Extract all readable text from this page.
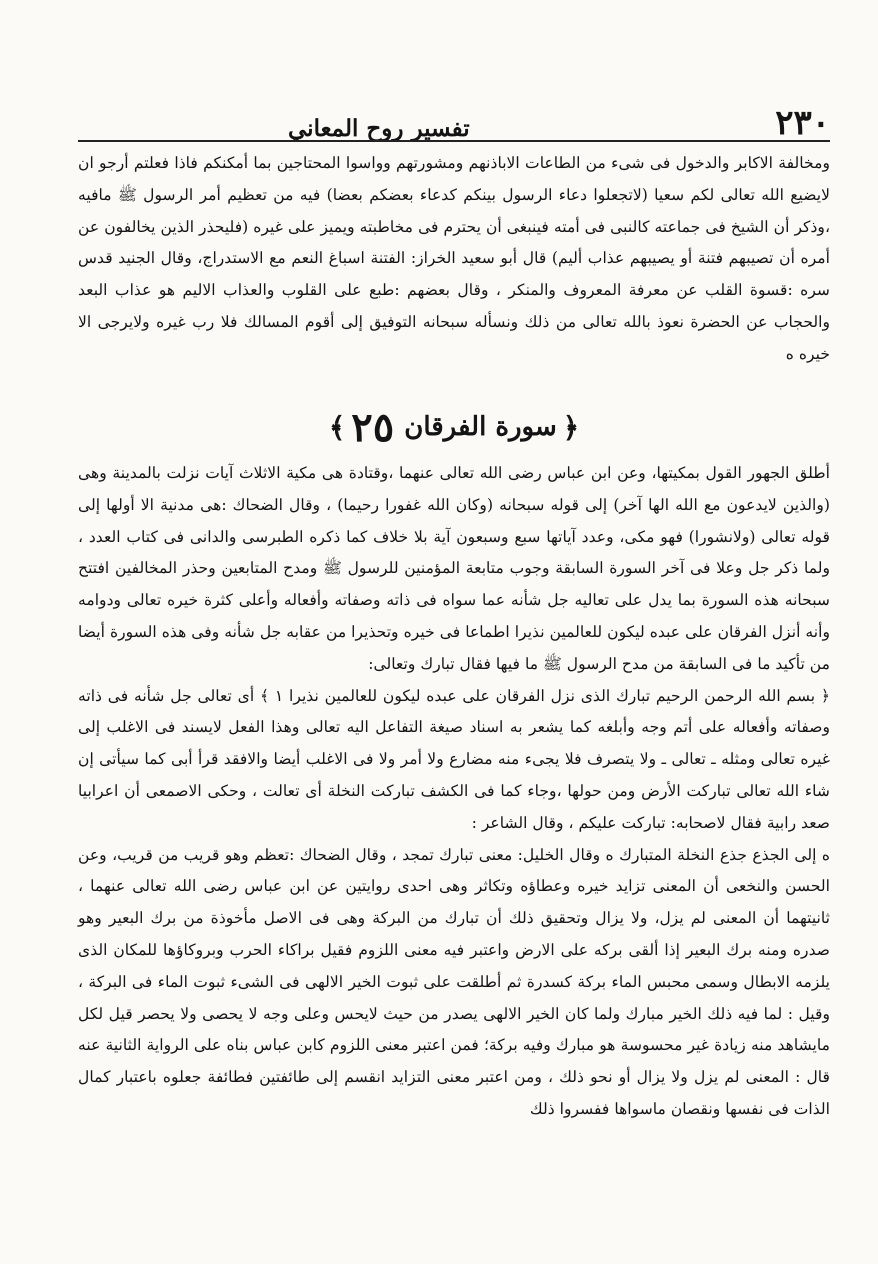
٢٣٠
تفسير روح المعاني

ومخالفة الاكابر والدخول فى شىء من الطاعات الاباذنهم ومشورتهم وواسوا المحتاجين بما أمكنكم فاذا فعلتم أرجو ان لايضيع الله تعالى لكم سعيا (لاتجعلوا دعاء الرسول بينكم كدعاء بعضكم بعضا) فيه من تعظيم أمر الرسول ﷺ مافيه ،وذكر أن الشيخ فى جماعته كالنبى فى أمته فينبغى أن يحترم فى مخاطبته ويميز على غيره (فليحذر الذين يخالفون عن أمره أن تصيبهم فتنة أو يصيبهم عذاب أليم) قال أبو سعيد الخراز: الفتنة اسباغ النعم مع الاستدراج، وقال الجنيد قدس سره :قسوة القلب عن معرفة المعروف والمنكر ، وقال بعضهم :طبع على القلوب والعذاب الاليم هو عذاب البعد والحجاب عن الحضرة نعوذ بالله تعالى من ذلك ونسأله سبحانه التوفيق إلى أقوم المسالك فلا رب غيره ولايرجى الا خيره ه

﴿
سورة الفرقان
٢٥
﴾

أطلق الجهور القول بمكيتها، وعن ابن عباس رضى الله تعالى عنهما ،وقتادة هى مكية الاثلاث آيات نزلت بالمدينة وهى (والذين لايدعون مع الله الها آخر) إلى قوله سبحانه (وكان الله غفورا رحيما) ، وقال الضحاك :هى مدنية الا أولها إلى قوله تعالى (ولانشورا) فهو مكى، وعدد آياتها سبع وسبعون آية بلا خلاف كما ذكره الطبرسى والدانى فى كتاب العدد ، ولما ذكر جل وعلا فى آخر السورة السابقة وجوب متابعة المؤمنين للرسول ﷺ ومدح المتابعين وحذر المخالفين افتتح سبحانه هذه السورة بما يدل على تعاليه جل شأنه عما سواه فى ذاته وصفاته وأفعاله وأعلى كثرة خيره تعالى ودوامه وأنه أنزل الفرقان على عبده ليكون للعالمين نذيرا اطماعا فى خيره وتحذيرا من عقابه جل شأنه وفى هذه السورة أيضا من تأكيد ما فى السابقة من مدح الرسول ﷺ ما فيها فقال تبارك وتعالى:

﴿ بسم الله الرحمن الرحيم تبارك الذى نزل الفرقان على عبده ليكون للعالمين نذيرا ١ ﴾ أى تعالى جل شأنه فى ذاته وصفاته وأفعاله على أتم وجه وأبلغه كما يشعر به اسناد صيغة التفاعل اليه تعالى وهذا الفعل لايسند فى الاغلب إلى غيره تعالى ومثله ـ تعالى ـ ولا يتصرف فلا يجىء منه مضارع ولا أمر ولا فى الاغلب أيضا والافقد قرأ أبى كما سيأتى إن شاء الله تعالى تباركت الأرض ومن حولها ،وجاء كما فى الكشف تباركت النخلة أى تعالت ، وحكى الاصمعى أن اعرابيا صعد رابية فقال لاصحابه: تباركت عليكم ، وقال الشاعر :

ه إلى الجذع جذع النخلة المتبارك ه وقال الخليل: معنى تبارك تمجد ، وقال الضحاك :تعظم وهو قريب من قريب، وعن الحسن والنخعى أن المعنى تزايد خيره وعطاؤه وتكاثر وهى احدى روايتين عن ابن عباس رضى الله تعالى عنهما ، ثانيتهما أن المعنى لم يزل، ولا يزال وتحقيق ذلك أن تبارك من البركة وهى فى الاصل مأخوذة من برك البعير وهو صدره ومنه برك البعير إذا ألقى بركه على الارض واعتبر فيه معنى اللزوم فقيل براكاء الحرب وبروكاؤها للمكان الذى يلزمه الابطال وسمى محبس الماء بركة كسدرة ثم أطلقت على ثبوت الخير الالهى فى الشىء ثبوت الماء فى البركة ، وقيل : لما فيه ذلك الخير مبارك ولما كان الخير الالهى يصدر من حيث لايحس وعلى وجه لا يحصى ولا يحصر قيل لكل مايشاهد منه زيادة غير محسوسة هو مبارك وفيه بركة؛ فمن اعتبر معنى اللزوم كابن عباس بناه على الرواية الثانية عنه قال : المعنى لم يزل ولا يزال أو نحو ذلك ، ومن اعتبر معنى التزايد انقسم إلى طائفتين فطائفة جعلوه باعتبار كمال الذات فى نفسها ونقصان ماسواها ففسروا ذلك
